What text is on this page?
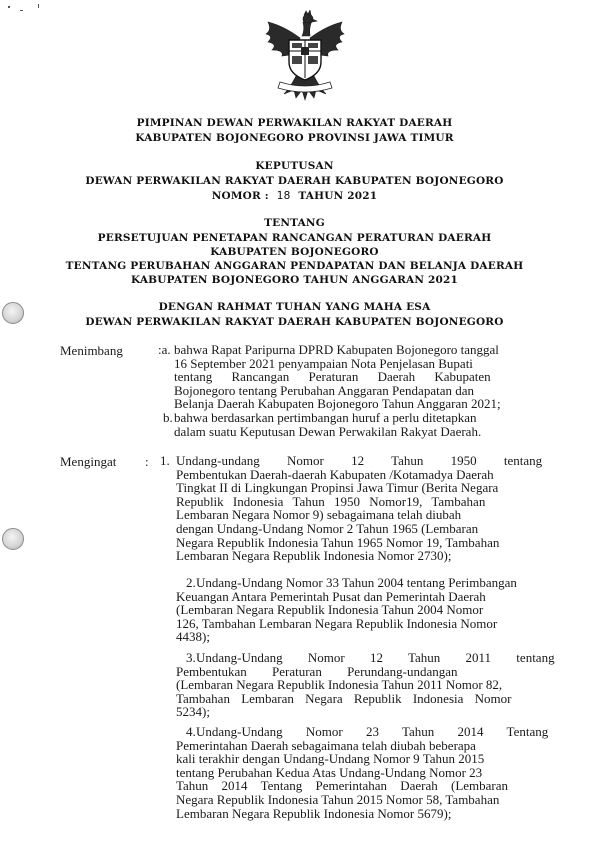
PIMPINAN DEWAN PERWAKILAN RAKYAT DAERAH
KABUPATEN BOJONEGORO PROVINSI JAWA TIMUR
KEPUTUSAN
DEWAN PERWAKILAN RAKYAT DAERAH KABUPATEN BOJONEGORO
NOMOR : 18 TAHUN 2021
TENTANG
PERSETUJUAN PENETAPAN RANCANGAN PERATURAN DAERAH
KABUPATEN BOJONEGORO
TENTANG PERUBAHAN ANGGARAN PENDAPATAN DAN BELANJA DAERAH
KABUPATEN BOJONEGORO TAHUN ANGGARAN 2021
DENGAN RAHMAT TUHAN YANG MAHA ESA
DEWAN PERWAKILAN RAKYAT DAERAH KABUPATEN BOJONEGORO
Menimbang	:a. bahwa Rapat Paripurna DPRD Kabupaten Bojonegoro tanggal
16 September 2021 penyampaian Nota Penjelasan Bupati
tentang Rancangan Peraturan Daerah Kabupaten
Bojonegoro tentang Perubahan Anggaran Pendapatan dan
Belanja Daerah Kabupaten Bojonegoro Tahun Anggaran 2021;
b. bahwa berdasarkan pertimbangan huruf a perlu ditetapkan
dalam suatu Keputusan Dewan Perwakilan Rakyat Daerah.
Mengingat : 1. Undang-undang Nomor 12 Tahun 1950 tentang
Pembentukan Daerah-daerah Kabupaten /Kotamadya Daerah
Tingkat II di Lingkungan Propinsi Jawa Timur (Berita Negara
Republik Indonesia Tahun 1950 Nomor19, Tambahan
Lembaran Negara Nomor 9) sebagaimana telah diubah
dengan Undang-Undang Nomor 2 Tahun 1965 (Lembaran
Negara Republik Indonesia Tahun 1965 Nomor 19, Tambahan
Lembaran Negara Republik Indonesia Nomor 2730);
2. Undang-Undang Nomor 33 Tahun 2004 tentang Perimbangan
Keuangan Antara Pemerintah Pusat dan Pemerintah Daerah
(Lembaran Negara Republik Indonesia Tahun 2004 Nomor
126, Tambahan Lembaran Negara Republik Indonesia Nomor
4438);
3. Undang-Undang Nomor 12 Tahun 2011 tentang
Pembentukan Peraturan Perundang-undangan
(Lembaran Negara Republik Indonesia Tahun 2011 Nomor 82,
Tambahan Lembaran Negara Republik Indonesia Nomor
5234);
4. Undang-Undang Nomor 23 Tahun 2014 Tentang
Pemerintahan Daerah sebagaimana telah diubah beberapa
kali terakhir dengan Undang-Undang Nomor 9 Tahun 2015
tentang Perubahan Kedua Atas Undang-Undang Nomor 23
Tahun 2014 Tentang Pemerintahan Daerah (Lembaran
Negara Republik Indonesia Tahun 2015 Nomor 58, Tambahan
Lembaran Negara Republik Indonesia Nomor 5679);
